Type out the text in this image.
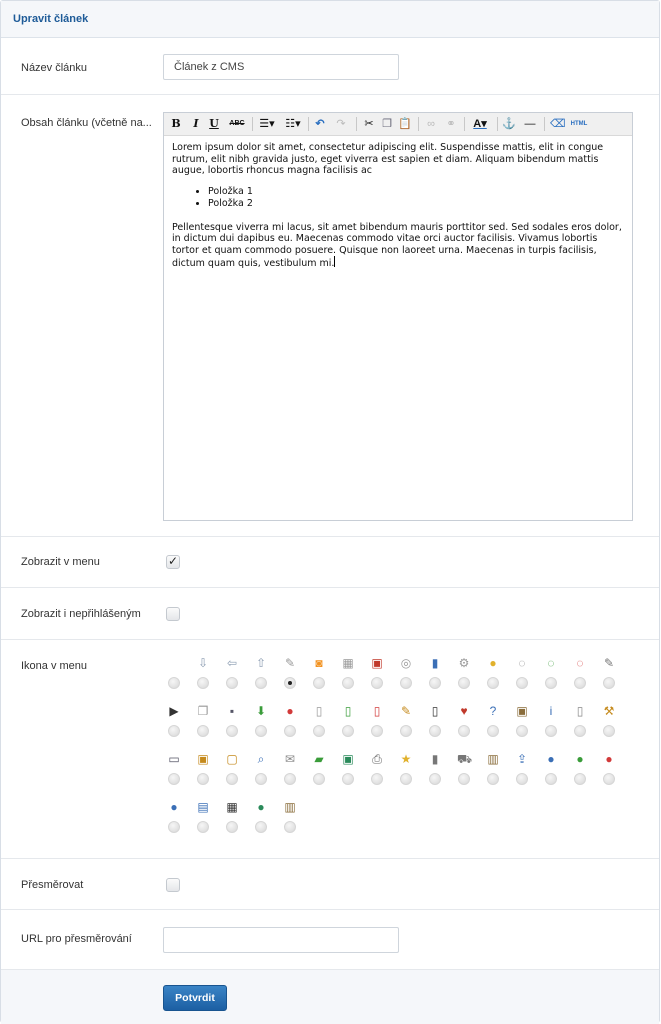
Upravit článek
Název článku	Článek z CMS
Obsah článku (včetně na... B	I U	ABC ☰▾ ☷▾ ↶ ↷ ✂ ❐ 📋 ∞ ⚭ A▾ ⚓ — ⌫ HTML

Lorem ipsum dolor sit amet, consectetur adipiscing elit. Suspendisse mattis, elit in congue rutrum, elit nibh gravida justo, eget viverra est sapien et diam. Aliquam bibendum mattis augue, lobortis rhoncus magna facilisis ac

• Položka 1
• Položka 2

Pellentesque viverra mi lacus, sit amet bibendum mauris porttitor sed. Sed sodales eros dolor, in dictum dui dapibus eu. Maecenas commodo vitae orci auctor facilisis. Vivamus lobortis tortor et quam commodo posuere. Quisque non laoreet urna. Maecenas in turpis facilisis, dictum quam quis, vestibulum mi.

Zobrazit v menu	✓
Zobrazit i nepřihlášeným
Ikona v menu	⇩ ⇦ ⇧ ✎ ◙ ▦ ▣ ◎	▮	⚙ ● ◌ ◌ ◌ ✎
▶ ❐	▪	⬇ ●	▯	▯	▯	✎	▯	♥	?	▣	i	▯	⚒
▭ ▣ ▢	⌕	✉ ▰ ▣ ⎙ ★	▮	⛟ ▥ ⇪ ● ● ●
● ▤ ▦ ● ▥
Přesměrovat
URL pro přesměrování
Potvrdit
